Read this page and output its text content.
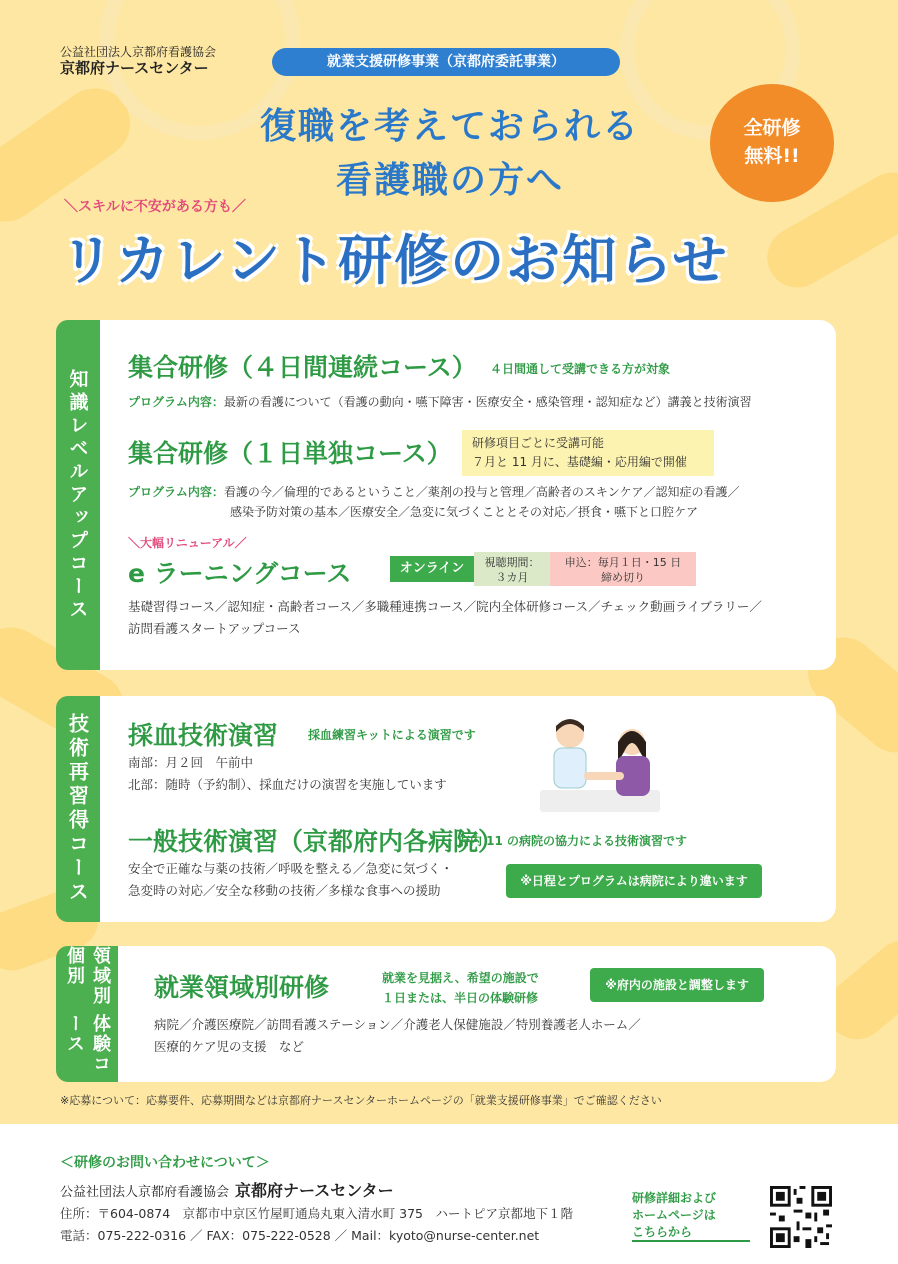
公益社団法人京都府看護協会
京都府ナースセンター	就業支援研修事業（京都府委託事業）
全研修
無料!!
復職を考えておられる
看護職の方へ
＼スキルに不安がある方も／
リカレント研修のお知らせ
知識レベルアップコース
集合研修（４日間連続コース） ４日間通して受講できる方が対象
プログラム内容：最新の看護について（看護の動向・嚥下障害・医療安全・感染管理・認知症など）講義と技術演習
集合研修（１日単独コース） 研修項目ごとに受講可能
７月と 11 月に、基礎編・応用編で開催
プログラム内容：看護の今／倫理的であるということ／薬剤の投与と管理／高齢者のスキンケア／認知症の看護／
感染予防対策の基本／医療安全／急変に気づくこととその対応／摂食・嚥下と口腔ケア
＼大幅リニューアル／
e ラーニングコース	オンライン	視聴期間：
３カ月
申込：毎月１日・15 日
締め切り
基礎習得コース／認知症・高齢者コース／多職種連携コース／院内全体研修コース／チェック動画ライブラリー／
訪問看護スタートアップコース
技術再習得コース	採血技術演習 採血練習キットによる演習です
南部：月２回　午前中
北部：随時（予約制）、採血だけの演習を実施しています
一般技術演習（京都府内各病院）
府内 11 の病院の協力による技術演習です
安全で正確な与薬の技術／呼吸を整える／急変に気づく・
急変時の対応／安全な移動の技術／多様な食事への援助
※日程とプログラムは病院により違います
領域別個別
体験コース
就業領域別研修	就業を見据え、希望の施設で
１日または、半日の体験研修
※府内の施設と調整します
病院／介護医療院／訪問看護ステーション／介護老人保健施設／特別養護老人ホーム／
医療的ケア児の支援　など
※応募について：応募要件、応募期間などは京都府ナースセンターホームページの「就業支援研修事業」でご確認ください
＜研修のお問い合わせについて＞
公益社団法人京都府看護協会 京都府ナースセンター
住所：〒604-0874　京都市中京区竹屋町通烏丸東入清水町 375　ハートピア京都地下１階
電話：075-222-0316 ／ FAX：075-222-0528 ／ Mail：kyoto@nurse-center.net
研修詳細および
ホームページは
こちらから
